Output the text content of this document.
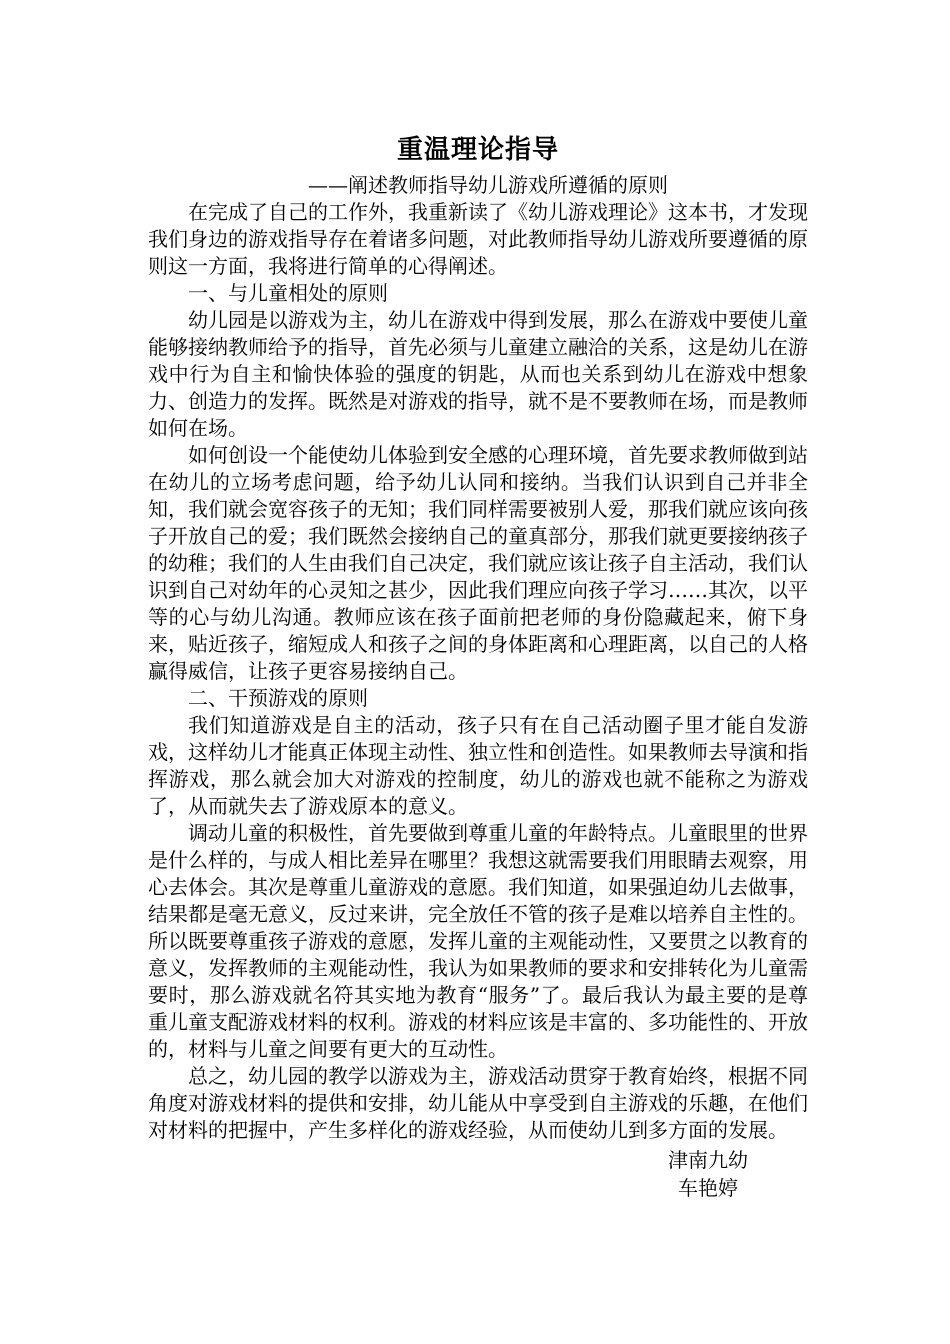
重温理论指导

——阐述教师指导幼儿游戏所遵循的原则

在完成了自己的工作外，我重新读了《幼儿游戏理论》这本书，才发现我们身边的游戏指导存在着诸多问题，对此教师指导幼儿游戏所要遵循的原则这一方面，我将进行简单的心得阐述。

一、与儿童相处的原则

幼儿园是以游戏为主，幼儿在游戏中得到发展，那么在游戏中要使儿童能够接纳教师给予的指导，首先必须与儿童建立融洽的关系，这是幼儿在游戏中行为自主和愉快体验的强度的钥匙，从而也关系到幼儿在游戏中想象力、创造力的发挥。既然是对游戏的指导，就不是不要教师在场，而是教师如何在场。

如何创设一个能使幼儿体验到安全感的心理环境，首先要求教师做到站在幼儿的立场考虑问题，给予幼儿认同和接纳。当我们认识到自己并非全知，我们就会宽容孩子的无知；我们同样需要被别人爱，那我们就应该向孩子开放自己的爱；我们既然会接纳自己的童真部分，那我们就更要接纳孩子的幼稚；我们的人生由我们自己决定，我们就应该让孩子自主活动，我们认识到自己对幼年的心灵知之甚少，因此我们理应向孩子学习……其次，以平等的心与幼儿沟通。教师应该在孩子面前把老师的身份隐藏起来，俯下身来，贴近孩子，缩短成人和孩子之间的身体距离和心理距离，以自己的人格赢得威信，让孩子更容易接纳自己。

二、干预游戏的原则

我们知道游戏是自主的活动，孩子只有在自己活动圈子里才能自发游戏，这样幼儿才能真正体现主动性、独立性和创造性。如果教师去导演和指挥游戏，那么就会加大对游戏的控制度，幼儿的游戏也就不能称之为游戏了，从而就失去了游戏原本的意义。

调动儿童的积极性，首先要做到尊重儿童的年龄特点。儿童眼里的世界是什么样的，与成人相比差异在哪里？我想这就需要我们用眼睛去观察，用心去体会。其次是尊重儿童游戏的意愿。我们知道，如果强迫幼儿去做事，结果都是毫无意义，反过来讲，完全放任不管的孩子是难以培养自主性的。所以既要尊重孩子游戏的意愿，发挥儿童的主观能动性，又要贯之以教育的意义，发挥教师的主观能动性，我认为如果教师的要求和安排转化为儿童需要时，那么游戏就名符其实地为教育“服务”了。最后我认为最主要的是尊重儿童支配游戏材料的权利。游戏的材料应该是丰富的、多功能性的、开放的，材料与儿童之间要有更大的互动性。

总之，幼儿园的教学以游戏为主，游戏活动贯穿于教育始终，根据不同角度对游戏材料的提供和安排，幼儿能从中享受到自主游戏的乐趣，在他们对材料的把握中，产生多样化的游戏经验，从而使幼儿到多方面的发展。

津南九幼
车艳婷
